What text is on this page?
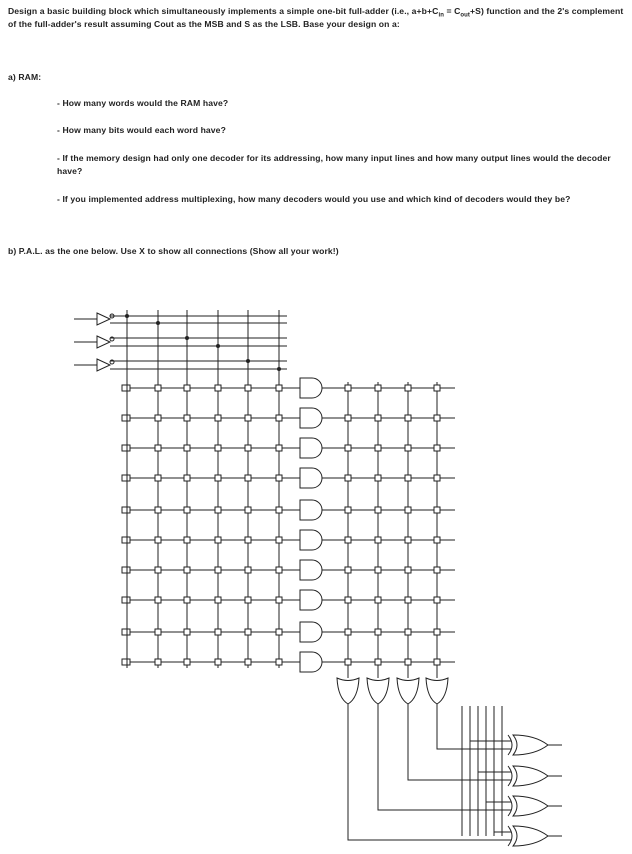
Design a basic building block which simultaneously implements a simple one-bit full-adder (i.e., $a+b+C_{in} = C_{out}+S$) function and the 2's complement of the full-adder's result assuming Cout as the MSB and S as the LSB. Base your design on a:
a) RAM:
- How many words would the RAM have?
- How many bits would each word have?
- If the memory design had only one decoder for its addressing, how many input lines and how many output lines would the decoder have?
- If you implemented address multiplexing, how many decoders would you use and which kind of decoders would they be?
b) P.A.L. as the one below. Use X to show all connections (Show all your work!)
